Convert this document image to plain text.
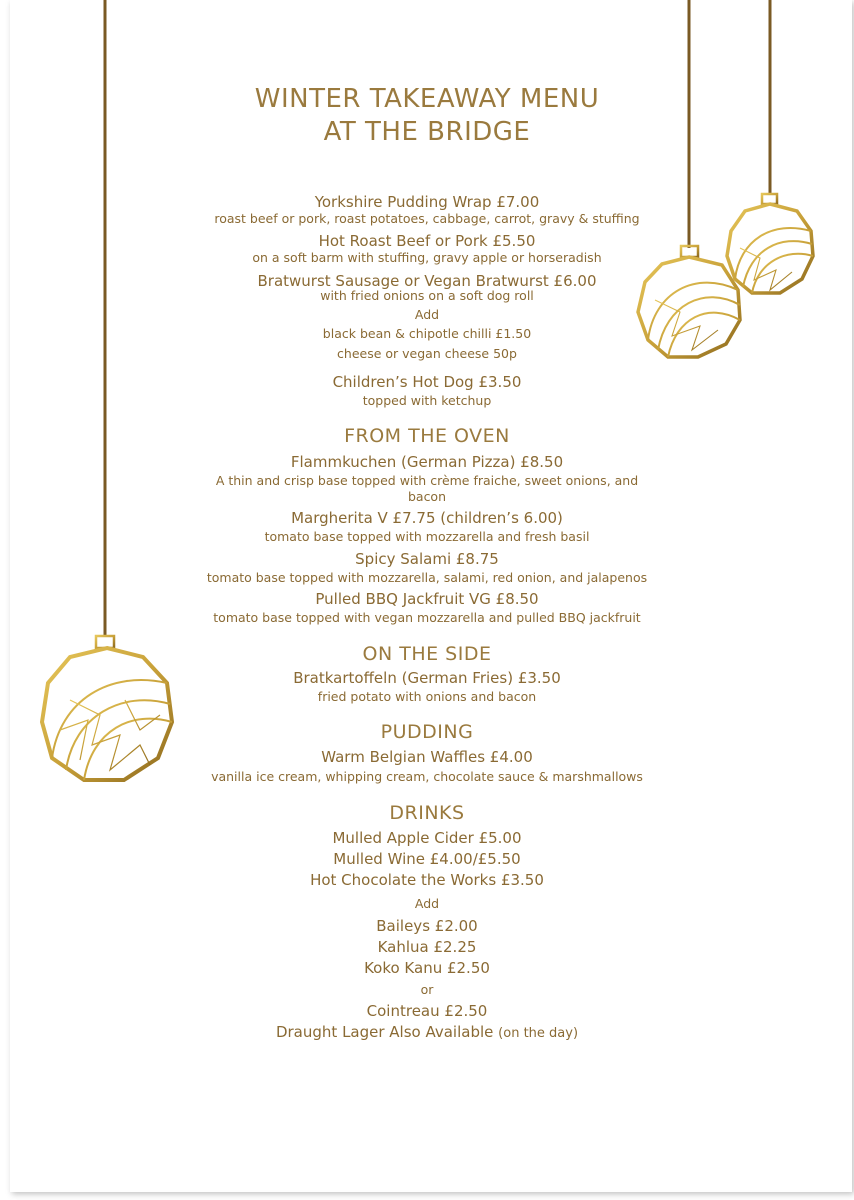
WINTER TAKEAWAY MENU
AT THE BRIDGE
Yorkshire Pudding Wrap £7.00
roast beef or pork, roast potatoes, cabbage, carrot, gravy & stuffing
Hot Roast Beef or Pork £5.50
on a soft barm with stuffing, gravy apple or horseradish
Bratwurst Sausage or Vegan Bratwurst £6.00
with fried onions on a soft dog roll
Add
black bean & chipotle chilli £1.50
cheese or vegan cheese 50p
Children’s Hot Dog £3.50
topped with ketchup
FROM THE OVEN
Flammkuchen (German Pizza) £8.50
A thin and crisp base topped with crème fraiche, sweet onions, and
bacon
Margherita V £7.75 (children’s 6.00)
tomato base topped with mozzarella and fresh basil
Spicy Salami £8.75
tomato base topped with mozzarella, salami, red onion, and jalapenos
Pulled BBQ Jackfruit VG £8.50
tomato base topped with vegan mozzarella and pulled BBQ jackfruit
ON THE SIDE
Bratkartoffeln (German Fries) £3.50
fried potato with onions and bacon
PUDDING
Warm Belgian Waffles £4.00
vanilla ice cream, whipping cream, chocolate sauce & marshmallows
DRINKS
Mulled Apple Cider £5.00
Mulled Wine £4.00/£5.50
Hot Chocolate the Works £3.50
Add
Baileys £2.00
Kahlua £2.25
Koko Kanu £2.50
or
Cointreau £2.50
Draught Lager Also Available (on the day)
